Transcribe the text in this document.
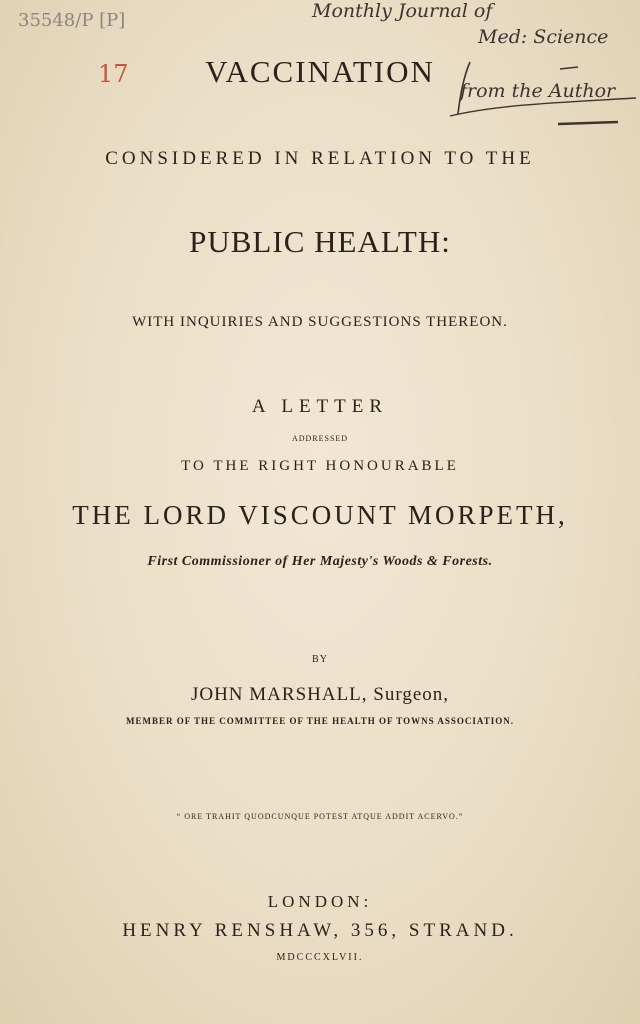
35548/P [P]
17
Monthly Journal of
Med: Science
from the Author
VACCINATION
CONSIDERED IN RELATION TO THE
PUBLIC HEALTH:
WITH INQUIRIES AND SUGGESTIONS THEREON.
A LETTER
ADDRESSED
TO THE RIGHT HONOURABLE
THE LORD VISCOUNT MORPETH,
First Commissioner of Her Majesty's Woods & Forests.
BY
JOHN MARSHALL, Surgeon,
MEMBER OF THE COMMITTEE OF THE HEALTH OF TOWNS ASSOCIATION.
“ ORE TRAHIT QUODCUNQUE POTEST ATQUE ADDIT ACERVO.”
LONDON:
HENRY RENSHAW, 356, STRAND.
MDCCCXLVII.
